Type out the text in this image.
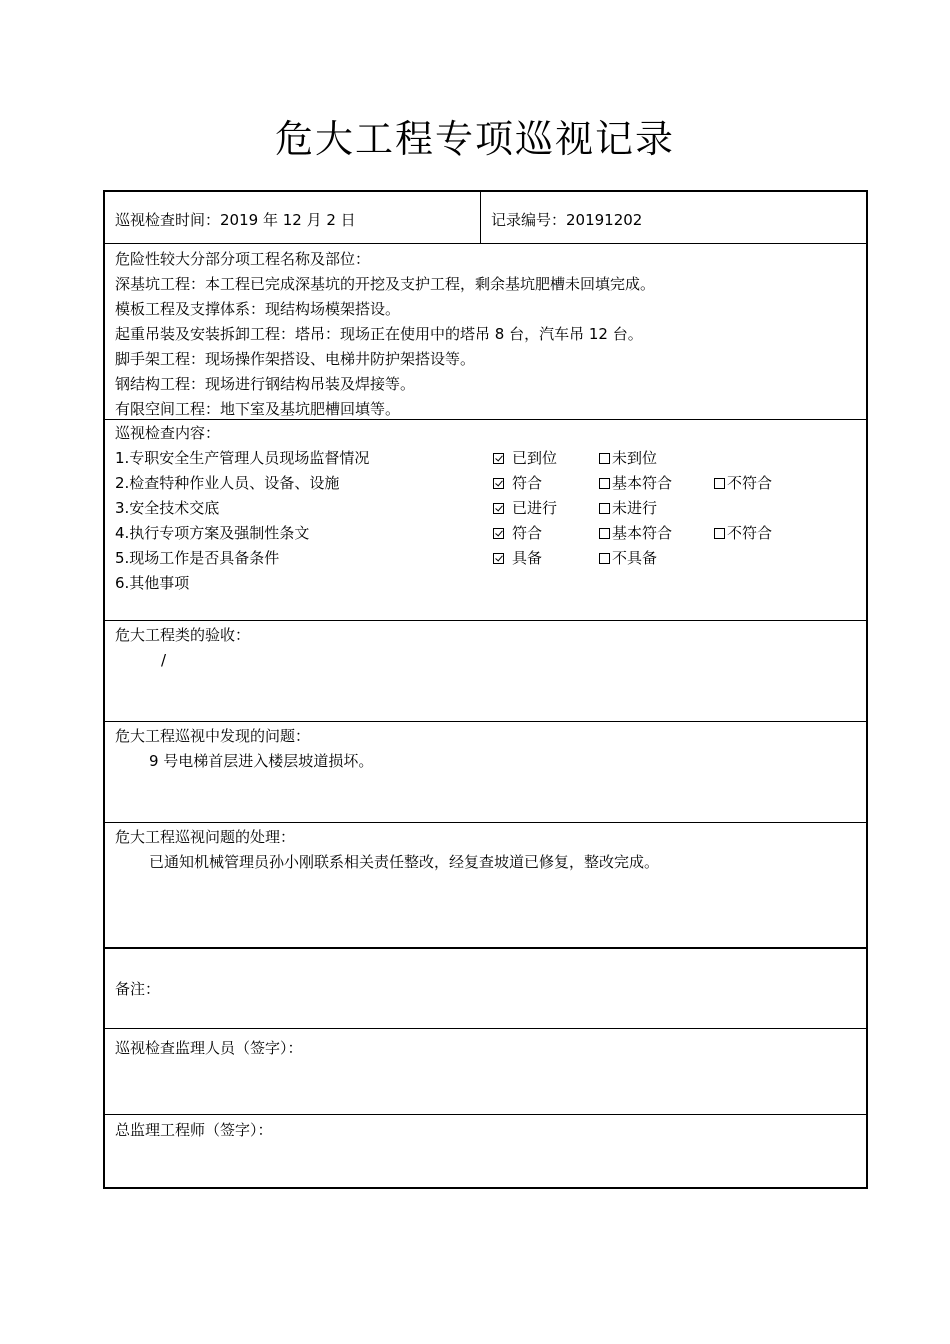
危大工程专项巡视记录
巡视检查时间：2019 年 12 月 2 日	记录编号：20191202
危险性较大分部分项工程名称及部位：
深基坑工程：本工程已完成深基坑的开挖及支护工程，剩余基坑肥槽未回填完成。
模板工程及支撑体系：现结构场模架搭设。
起重吊装及安装拆卸工程：塔吊：现场正在使用中的塔吊 8 台，汽车吊 12 台。
脚手架工程：现场操作架搭设、电梯井防护架搭设等。
钢结构工程：现场进行钢结构吊装及焊接等。
有限空间工程：地下室及基坑肥槽回填等。
巡视检查内容：
1.专职安全生产管理人员现场监督情况	已到位	未到位
2.检查特种作业人员、设备、设施	符合	基本符合	不符合
3.安全技术交底	已进行	未进行
4.执行专项方案及强制性条文	符合	基本符合	不符合
5.现场工作是否具备条件	具备	不具备
6.其他事项
危大工程类的验收：
/
危大工程巡视中发现的问题：
9 号电梯首层进入楼层坡道损坏。
危大工程巡视问题的处理：
已通知机械管理员孙小刚联系相关责任整改，经复查坡道已修复，整改完成。
备注：
巡视检查监理人员（签字）：
总监理工程师（签字）：
